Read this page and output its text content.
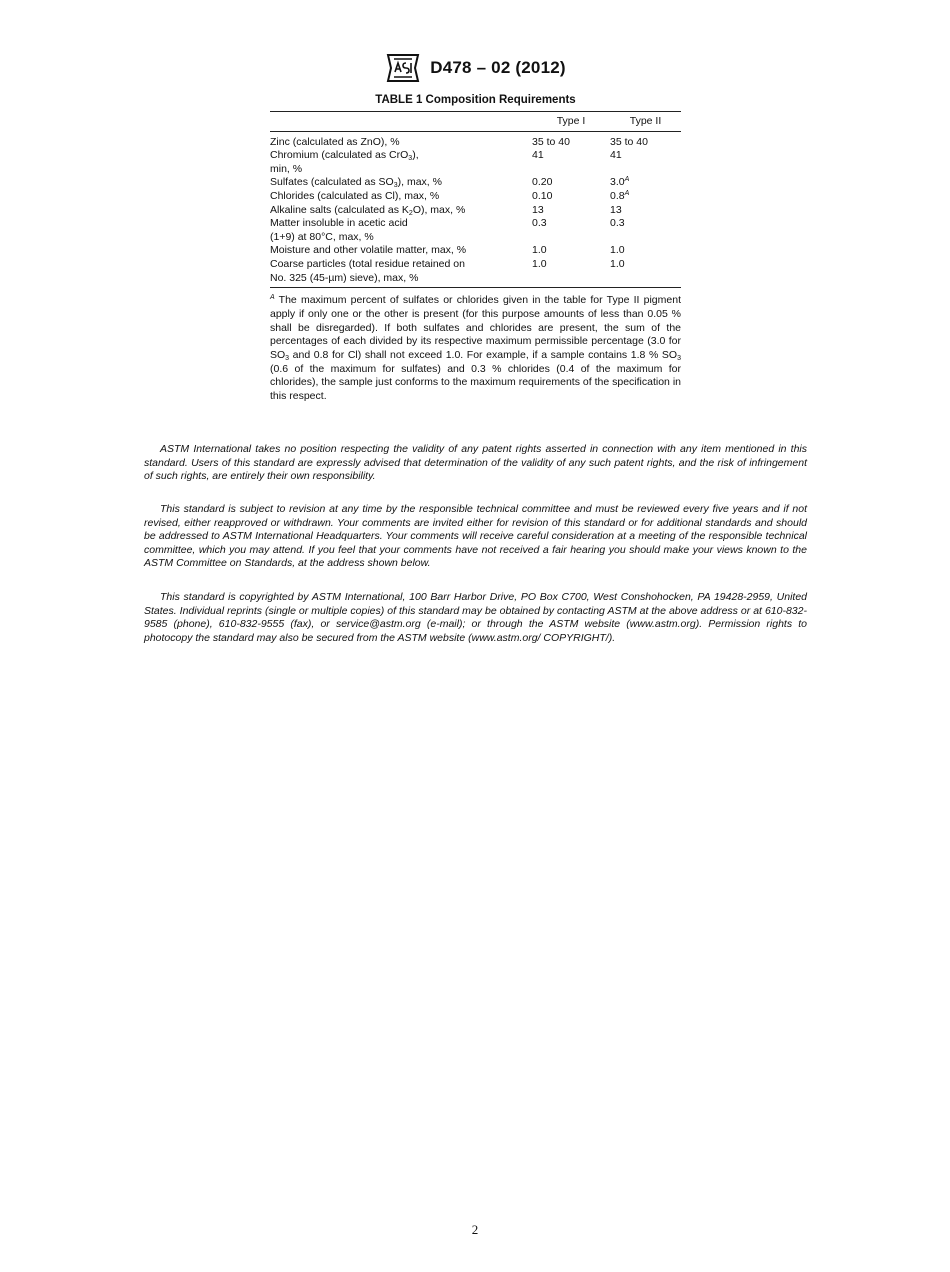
D478 – 02 (2012)
TABLE 1 Composition Requirements
	Type I	Type II
Zinc (calculated as ZnO), %	35 to 40	35 to 40
Chromium (calculated as CrO$_3$),
min, %	41	41
Sulfates (calculated as $SO_3$), max, %	0.20	$3.0^A$
Chlorides (calculated as Cl), max, %	0.10	$0.8^A$
Alkaline salts (calculated as $K_2O$), max, %	13	13
Matter insoluble in acetic acid
(1+9) at 80°C, max, %	0.3	0.3
Moisture and other volatile matter, max, %	1.0	1.0
Coarse particles (total residue retained on
No. 325 (45-µm) sieve), max, %	1.0	1.0
$^A$ The maximum percent of sulfates or chlorides given in the table for Type II pigment apply if only one or the other is present (for this purpose amounts of less than 0.05 % shall be disregarded). If both sulfates and chlorides are present, the sum of the percentages of each divided by its respective maximum permissible percentage (3.0 for $SO_3$ and 0.8 for Cl) shall not exceed 1.0. For example, if a sample contains 1.8 % $SO_3$ (0.6 of the maximum for sulfates) and 0.3 % chlorides (0.4 of the maximum for chlorides), the sample just conforms to the maximum requirements of the specification in this respect.

ASTM International takes no position respecting the validity of any patent rights asserted in connection with any item mentioned in this standard. Users of this standard are expressly advised that determination of the validity of any such patent rights, and the risk of infringement of such rights, are entirely their own responsibility.

This standard is subject to revision at any time by the responsible technical committee and must be reviewed every five years and if not revised, either reapproved or withdrawn. Your comments are invited either for revision of this standard or for additional standards and should be addressed to ASTM International Headquarters. Your comments will receive careful consideration at a meeting of the responsible technical committee, which you may attend. If you feel that your comments have not received a fair hearing you should make your views known to the ASTM Committee on Standards, at the address shown below.

This standard is copyrighted by ASTM International, 100 Barr Harbor Drive, PO Box C700, West Conshohocken, PA 19428-2959, United States. Individual reprints (single or multiple copies) of this standard may be obtained by contacting ASTM at the above address or at 610-832-9585 (phone), 610-832-9555 (fax), or service@astm.org (e-mail); or through the ASTM website (www.astm.org). Permission rights to photocopy the standard may also be secured from the ASTM website (www.astm.org/ COPYRIGHT/).

2
